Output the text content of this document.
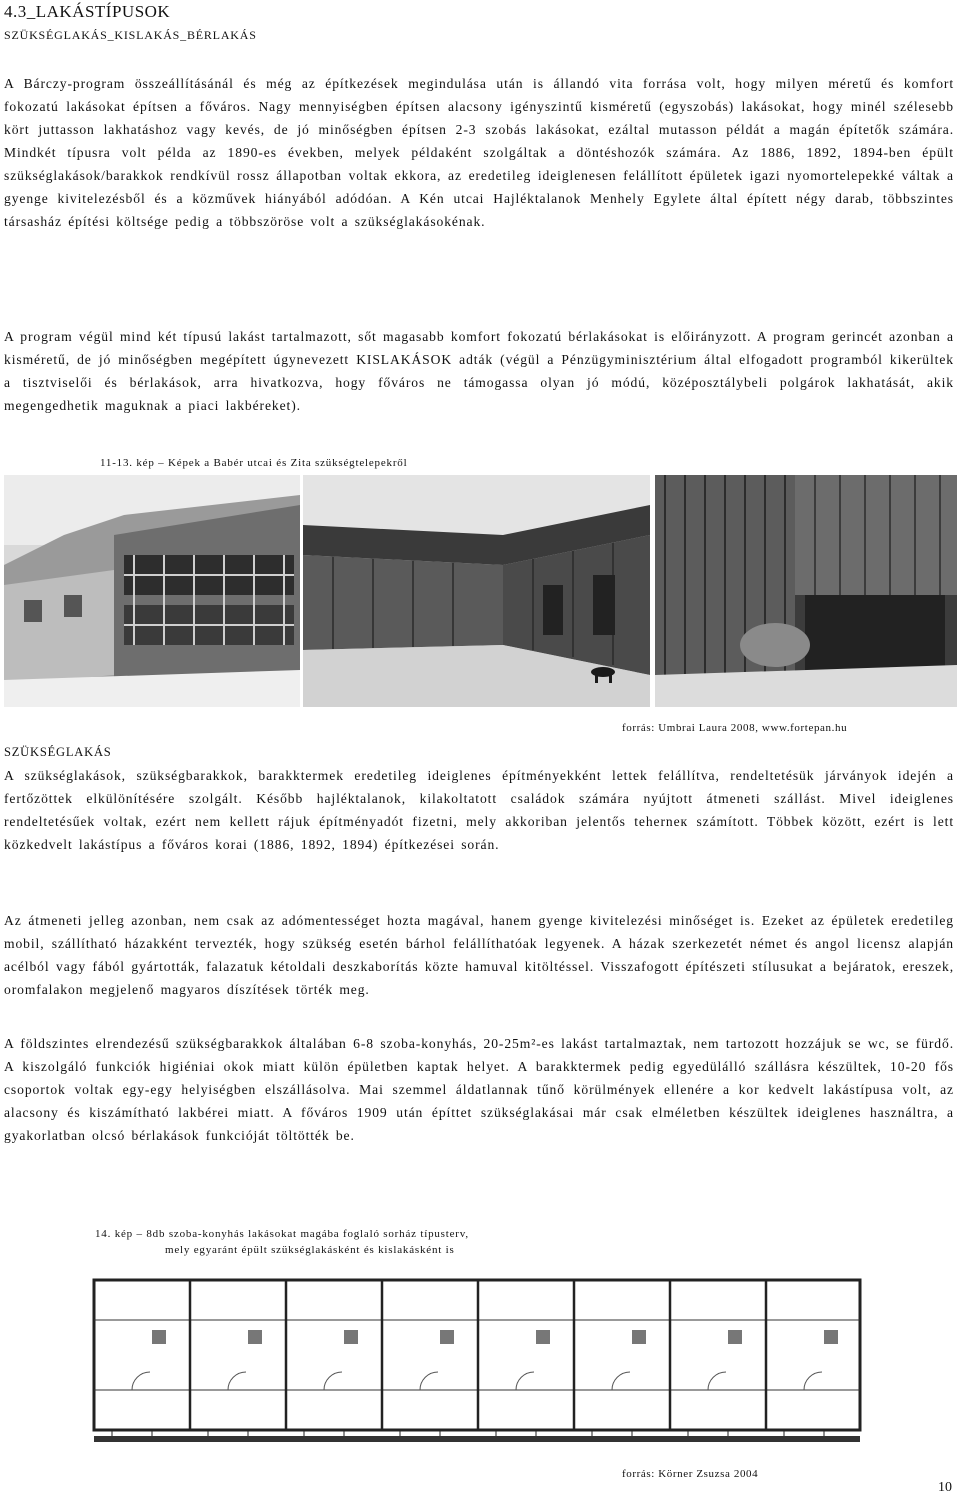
4.3_LAKÁSTÍPUSOK
SZÜKSÉGLAKÁS_KISLAKÁS_BÉRLAKÁS

A Bárczy-program összeállításánál és még az építkezések megindulása után is állandó vita forrása volt, hogy milyen méretű és komfort fokozatú lakásokat építsen a főváros. Nagy mennyiségben építsen alacsony igényszintű kisméretű (egyszobás) lakásokat, hogy minél szélesebb kört juttasson lakhatáshoz vagy kevés, de jó minőségben építsen 2-3 szobás lakásokat, ezáltal mutasson példát a magán építetők számára. Mindkét típusra volt példa az 1890-es években, melyek példaként szolgáltak a döntéshozók számára. Az 1886, 1892, 1894-ben épült szükséglakások/barakkok rendkívül rossz állapotban voltak ekkora, az eredetileg ideiglenesen felállított épületek igazi nyomortelepekké váltak a gyenge kivitelezésből és a közművek hiányából adódóan. A Kén utcai Hajléktalanok Menhely Egylete által épített négy darab, többszintes társasház építési költsége pedig a többszöröse volt a szükséglakásokénak.

A program végül mind két típusú lakást tartalmazott, sőt magasabb komfort fokozatú bérlakásokat is előirányzott. A program gerincét azonban a kisméretű, de jó minőségben megépített úgynevezett KISLAKÁSOK adták (végül a Pénzügyminisztérium által elfogadott programból kikerültek a tisztviselői és bérlakások, arra hivatkozva, hogy főváros ne támogassa olyan jó módú, középosztálybeli polgárok lakhatását, akik megengedhetik maguknak a piaci lakbéreket).

11-13. kép – Képek a Babér utcai és Zita szükségtelepekről
forrás: Umbrai Laura 2008, www.fortepan.hu
SZÜKSÉGLAKÁS

A szükséglakások, szükségbarakkok, barakktermek eredetileg ideiglenes építményekként lettek felállítva, rendeltetésük járványok idején a fertőzöttek elkülönítésére szolgált. Később hajléktalanok, kilakoltatott családok számára nyújtott átmeneti szállást. Mivel ideiglenes rendeltetésűek voltak, ezért nem kellett rájuk építményadót fizetni, mely akkoriban jelentős teherneк számított. Többek között, ezért is lett közkedvelt lakástípus a főváros korai (1886, 1892, 1894) építkezései során.

Az átmeneti jelleg azonban, nem csak az adómentességet hozta magával, hanem gyenge kivitelezési minőséget is. Ezeket az épületek eredetileg mobil, szállítható házakként tervezték, hogy szükség esetén bárhol felállíthatóak legyenek. A házak szerkezetét német és angol licensz alapján acélból vagy fából gyártották, falazatuk kétoldali deszkaborítás közte hamuval kitöltéssel. Visszafogott építészeti stílusukat a bejáratok, ereszek, oromfalakon megjelenő magyaros díszítések törték meg.

A földszintes elrendezésű szükségbarakkok általában 6-8 szoba-konyhás, 20-25m²-es lakást tartalmaztak, nem tartozott hozzájuk se wc, se fürdő. A kiszolgáló funkciók higiéniai okok miatt külön épületben kaptak helyet. A barakktermek pedig egyedülálló szállásra készültek, 10-20 fős csoportok voltak egy-egy helyiségben elszállásolva. Mai szemmel áldatlannak tűnő körülmények ellenére a kor kedvelt lakástípusa volt, az alacsony és kiszámítható lakbérei miatt. A főváros 1909 után építtet szükséglakásai már csak elméletben készültek ideiglenes használtra, a gyakorlatban olcsó bérlakások funkcióját töltötték be.

14. kép – 8db szoba-konyhás lakásokat magába foglaló sorház típusterv,
mely egyaránt épült szükséglakásként és kislakásként is
forrás: Körner Zsuzsa 2004
10
